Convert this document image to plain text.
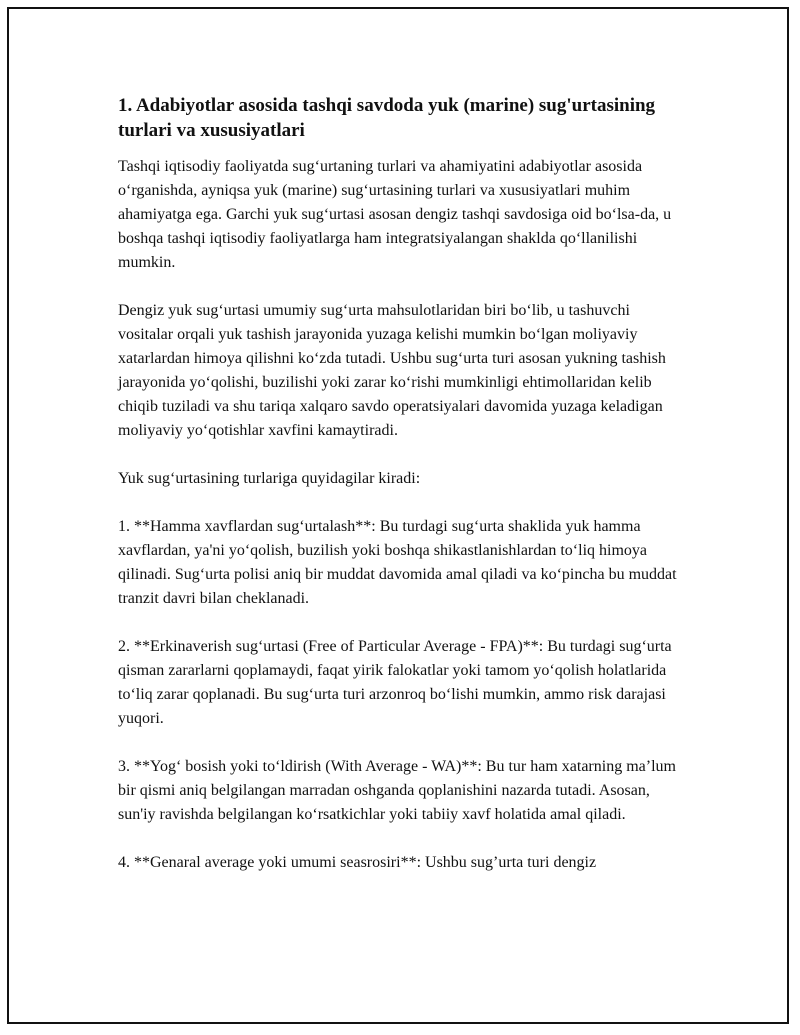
1. Adabiyotlar asosida tashqi savdoda yuk (marine) sug'urtasining turlari va xususiyatlari

Tashqi iqtisodiy faoliyatda sug‘urtaning turlari va ahamiyatini adabiyotlar asosida o‘rganishda, ayniqsa yuk (marine) sug‘urtasining turlari va xususiyatlari muhim ahamiyatga ega. Garchi yuk sug‘urtasi asosan dengiz tashqi savdosiga oid bo‘lsa-da, u boshqa tashqi iqtisodiy faoliyatlarga ham integratsiyalangan shaklda qo‘llanilishi mumkin.

Dengiz yuk sug‘urtasi umumiy sug‘urta mahsulotlaridan biri bo‘lib, u tashuvchi vositalar orqali yuk tashish jarayonida yuzaga kelishi mumkin bo‘lgan moliyaviy xatarlardan himoya qilishni ko‘zda tutadi. Ushbu sug‘urta turi asosan yukning tashish jarayonida yo‘qolishi, buzilishi yoki zarar ko‘rishi mumkinligi ehtimollaridan kelib chiqib tuziladi va shu tariqa xalqaro savdo operatsiyalari davomida yuzaga keladigan moliyaviy yo‘qotishlar xavfini kamaytiradi.

Yuk sug‘urtasining turlariga quyidagilar kiradi:

1. **Hamma xavflardan sug‘urtalash**: Bu turdagi sug‘urta shaklida yuk hamma xavflardan, ya'ni yo‘qolish, buzilish yoki boshqa shikastlanishlardan to‘liq himoya qilinadi. Sug‘urta polisi aniq bir muddat davomida amal qiladi va ko‘pincha bu muddat tranzit davri bilan cheklanadi.

2. **Erkinaverish sug‘urtasi (Free of Particular Average - FPA)**: Bu turdagi sug‘urta qisman zararlarni qoplamaydi, faqat yirik falokatlar yoki tamom yo‘qolish holatlarida to‘liq zarar qoplanadi. Bu sug‘urta turi arzonroq bo‘lishi mumkin, ammo risk darajasi yuqori.

3. **Yog‘ bosish yoki to‘ldirish (With Average - WA)**: Bu tur ham xatarning ma’lum bir qismi aniq belgilangan marradan oshganda qoplanishini nazarda tutadi. Asosan, sun'iy ravishda belgilangan ko‘rsatkichlar yoki tabiiy xavf holatida amal qiladi.

4. **Genaral average yoki umumi seasrosiri**: Ushbu sug’urta turi dengiz
